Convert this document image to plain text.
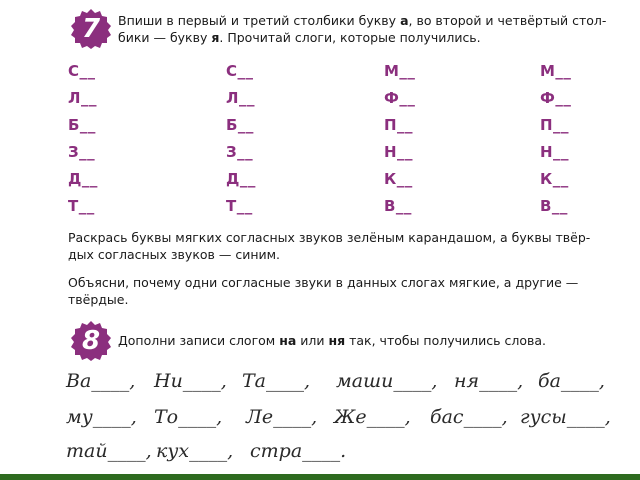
7	Впиши в первый и третий столбики букву а, во второй и четвёртый стол-
бики — букву я. Прочитай слоги, которые получились.
С__
Л__
Б__
З__
Д__
Т__
С__
Л__
Б__
З__
Д__
Т__
М__
Ф__
П__
Н__
К__
В__
М__
Ф__
П__
Н__
К__
В__
Раскрась буквы мягких согласных звуков зелёным карандашом, а буквы твёр-
дых согласных звуков — синим.
Объясни, почему одни согласные звуки в данных слогах мягкие, а другие —
твёрдые.
8	Дополни записи слогом на или ня так, чтобы получились слова.
Ва____, Ни____, Та____, маши____, ня____, ба____,
му____, То____, Ле____, Же____, бас____, гусы____,
тай____, кух____, стра____.
